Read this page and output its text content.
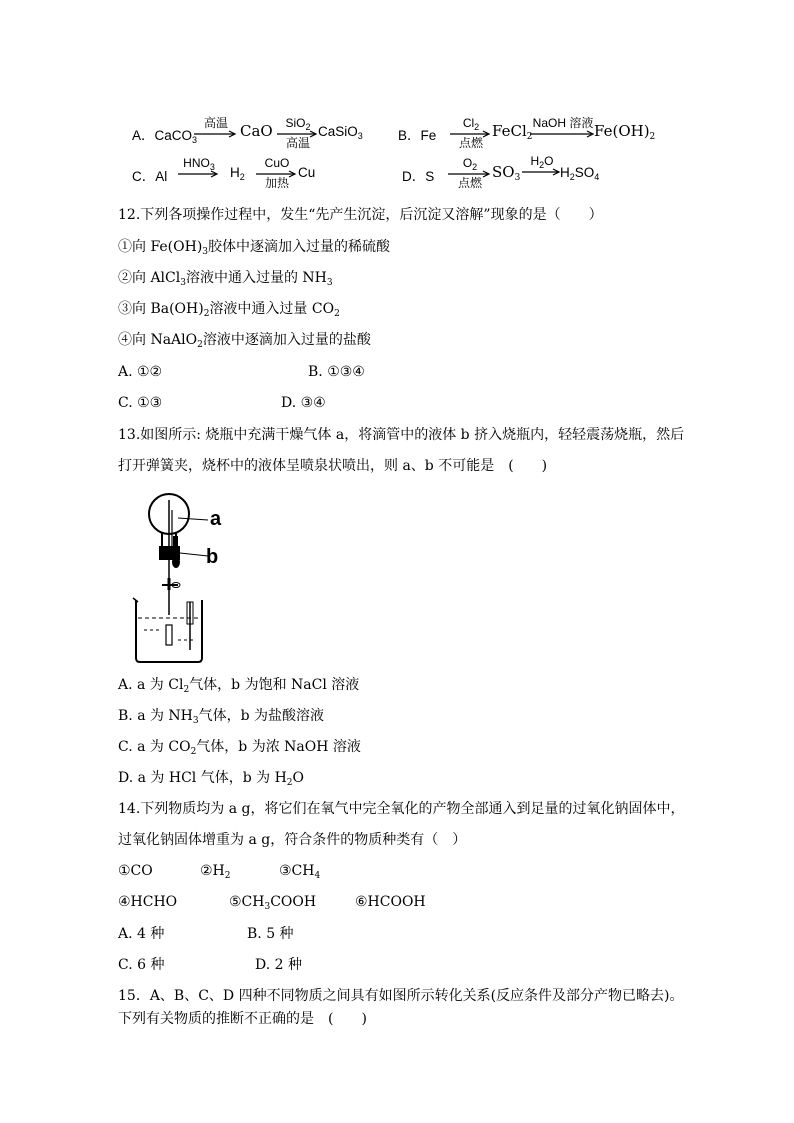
A．CaCO$_3$
高温 CaO	SiO$_2$
高温
CaSiO$_3$	B．Fe
$Cl_2$
点燃
FeCl$_2$
NaOH 溶液 $Fe(OH)_2$
C．Al
$HNO_3$	$H_2$
CuO
加热
Cu	D．S
$O_2$
点燃
$SO_3$
$H_2O$
$H_2SO_4$
12.下列各项操作过程中，发生“先产生沉淀，后沉淀又溶解”现象的是（　　）
①向 $Fe(OH)_3$胶体中逐滴加入过量的稀硫酸
②向 AlCl$_3$溶液中通入过量的 $NH_3$
③向 $Ba(OH)_2$溶液中通入过量 $CO_2$
④向 NaAlO$_2$溶液中逐滴加入过量的盐酸
A. ①②	B. ①③④
C. ①③	D. ③④
13.如图所示: 烧瓶中充满干燥气体 a，将滴管中的液体 b 挤入烧瓶内，轻轻震荡烧瓶，然后
打开弹簧夹，烧杯中的液体呈喷泉状喷出，则 a、b 不可能是　(　　)
a
b
A. a 为 $Cl_2$气体，b 为饱和 NaCl 溶液
B. a 为 $NH_3$气体，b 为盐酸溶液
C. a 为 $CO_2$气体，b 为浓 NaOH 溶液
D. a 为 HCl 气体，b 为 $H_2O$
14.下列物质均为 a g，将它们在氧气中完全氧化的产物全部通入到足量的过氧化钠固体中，
过氧化钠固体增重为 a g，符合条件的物质种类有（　）
①CO	$②H_2$	$③CH_4$
④HCHO	$⑤CH_3COOH$	⑥HCOOH
A. 4 种	B. 5 种
C. 6 种	D. 2 种
15．A、B、C、D 四种不同物质之间具有如图所示转化关系(反应条件及部分产物已略去)。
下列有关物质的推断不正确的是　(　　)
